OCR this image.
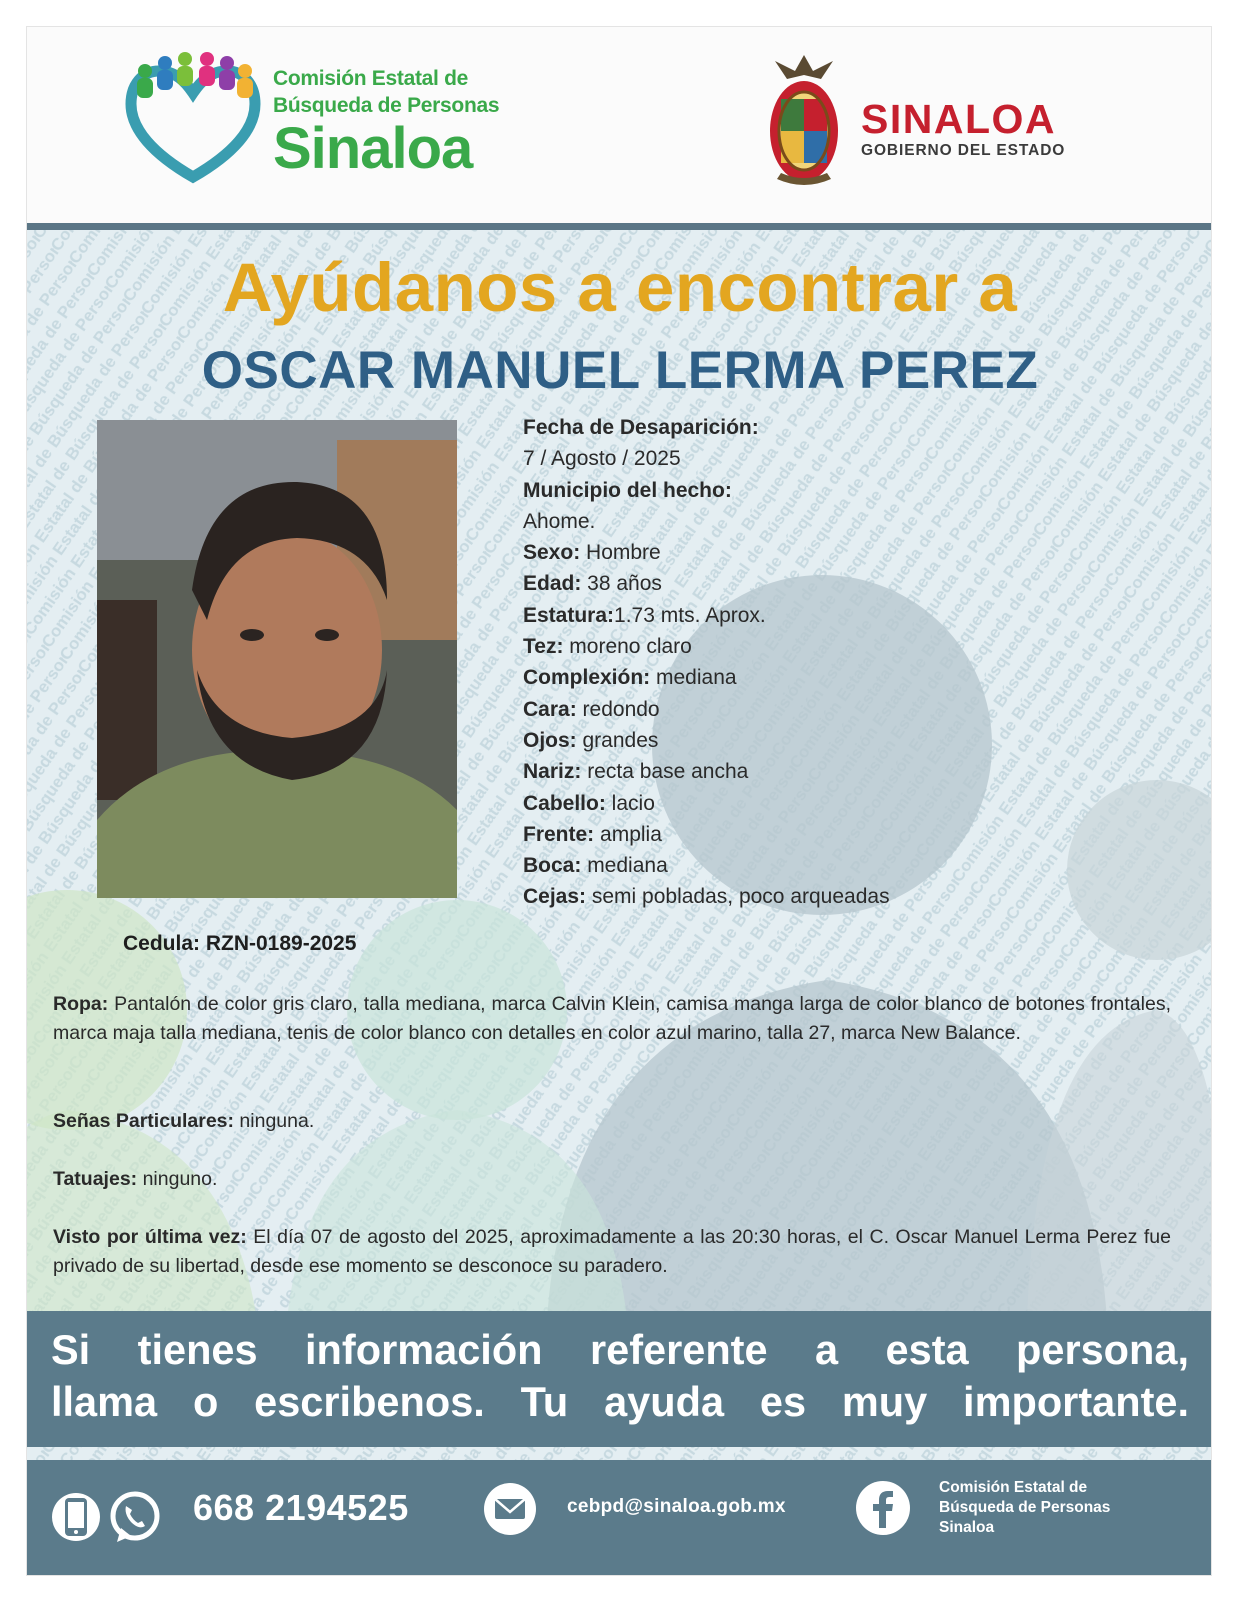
Comisión Estatal de
Búsqueda de Personas
Sinaloa	SINALOA
GOBIERNO DEL ESTADO
Ayúdanos a encontrar a
OSCAR MANUEL LERMA PEREZ
Fecha de Desaparición:
7 / Agosto / 2025
Municipio del hecho:
Ahome.
Sexo: Hombre
Edad: 38 años
Estatura:1.73 mts. Aprox.
Tez: moreno claro
Complexión: mediana
Cara: redondo
Ojos: grandes
Nariz: recta base ancha
Cabello: lacio
Frente: amplia
Boca: mediana
Cejas: semi pobladas, poco arqueadas
Cedula: RZN-0189-2025
Ropa: Pantalón de color gris claro, talla mediana, marca Calvin Klein, camisa manga larga de color blanco de botones frontales, marca maja talla mediana, tenis de color blanco con detalles en color azul marino, talla 27, marca New Balance.
Señas Particulares: ninguna.
Tatuajes: ninguno.
Visto por última vez: El día 07 de agosto del 2025, aproximadamente a las 20:30 horas, el C. Oscar Manuel Lerma Perez fue privado de su libertad, desde ese momento se desconoce su paradero.
Si tienes información referente a esta persona,
llama o escribenos. Tu ayuda es muy importante.
668 2194525	cebpd@sinaloa.gob.mx
Comisión Estatal de
Búsqueda de Personas
Sinaloa
